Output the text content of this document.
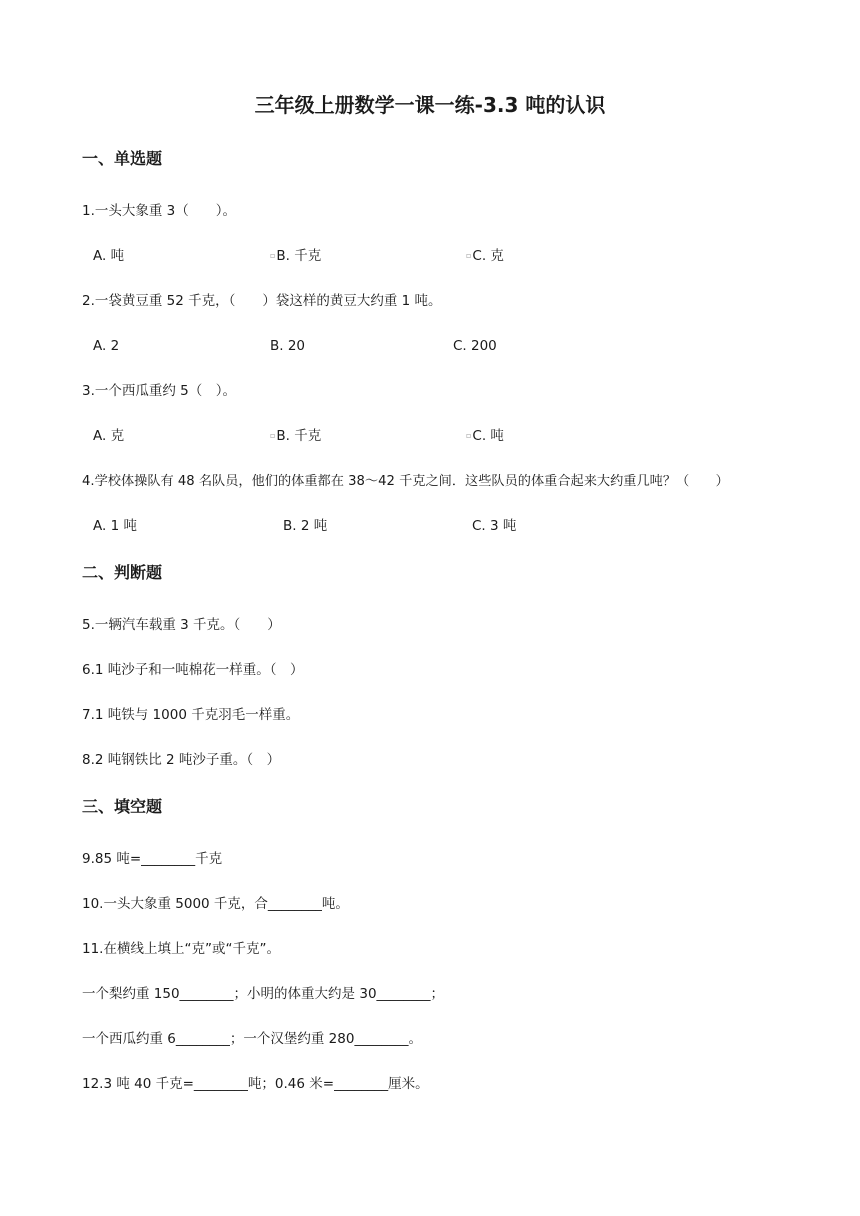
三年级上册数学一课一练-3.3 吨的认识
一、单选题
1.一头大象重 3（　　）。
A. 吨	▫B. 千克	▫C. 克
2.一袋黄豆重 52 千克，（　　）袋这样的黄豆大约重 1 吨。
A. 2	B. 20	C. 200
3.一个西瓜重约 5（　）。
A. 克	▫B. 千克	▫C. 吨
4.学校体操队有 48 名队员，他们的体重都在 38～42 千克之间．这些队员的体重合起来大约重几吨？（　　）
A. 1 吨	B. 2 吨	C. 3 吨
二、判断题
5.一辆汽车载重 3 千克。（　　）
6.1 吨沙子和一吨棉花一样重。（　）
7.1 吨铁与 1000 千克羽毛一样重。
8.2 吨钢铁比 2 吨沙子重。（　）
三、填空题
9.85 吨=________千克
10.一头大象重 5000 千克，合________吨。
11.在横线上填上“克”或“千克”。
一个梨约重 150________；小明的体重大约是 30________；
一个西瓜约重 6________；一个汉堡约重 280________。
12.3 吨 40 千克=________吨；0.46 米=________厘米。
